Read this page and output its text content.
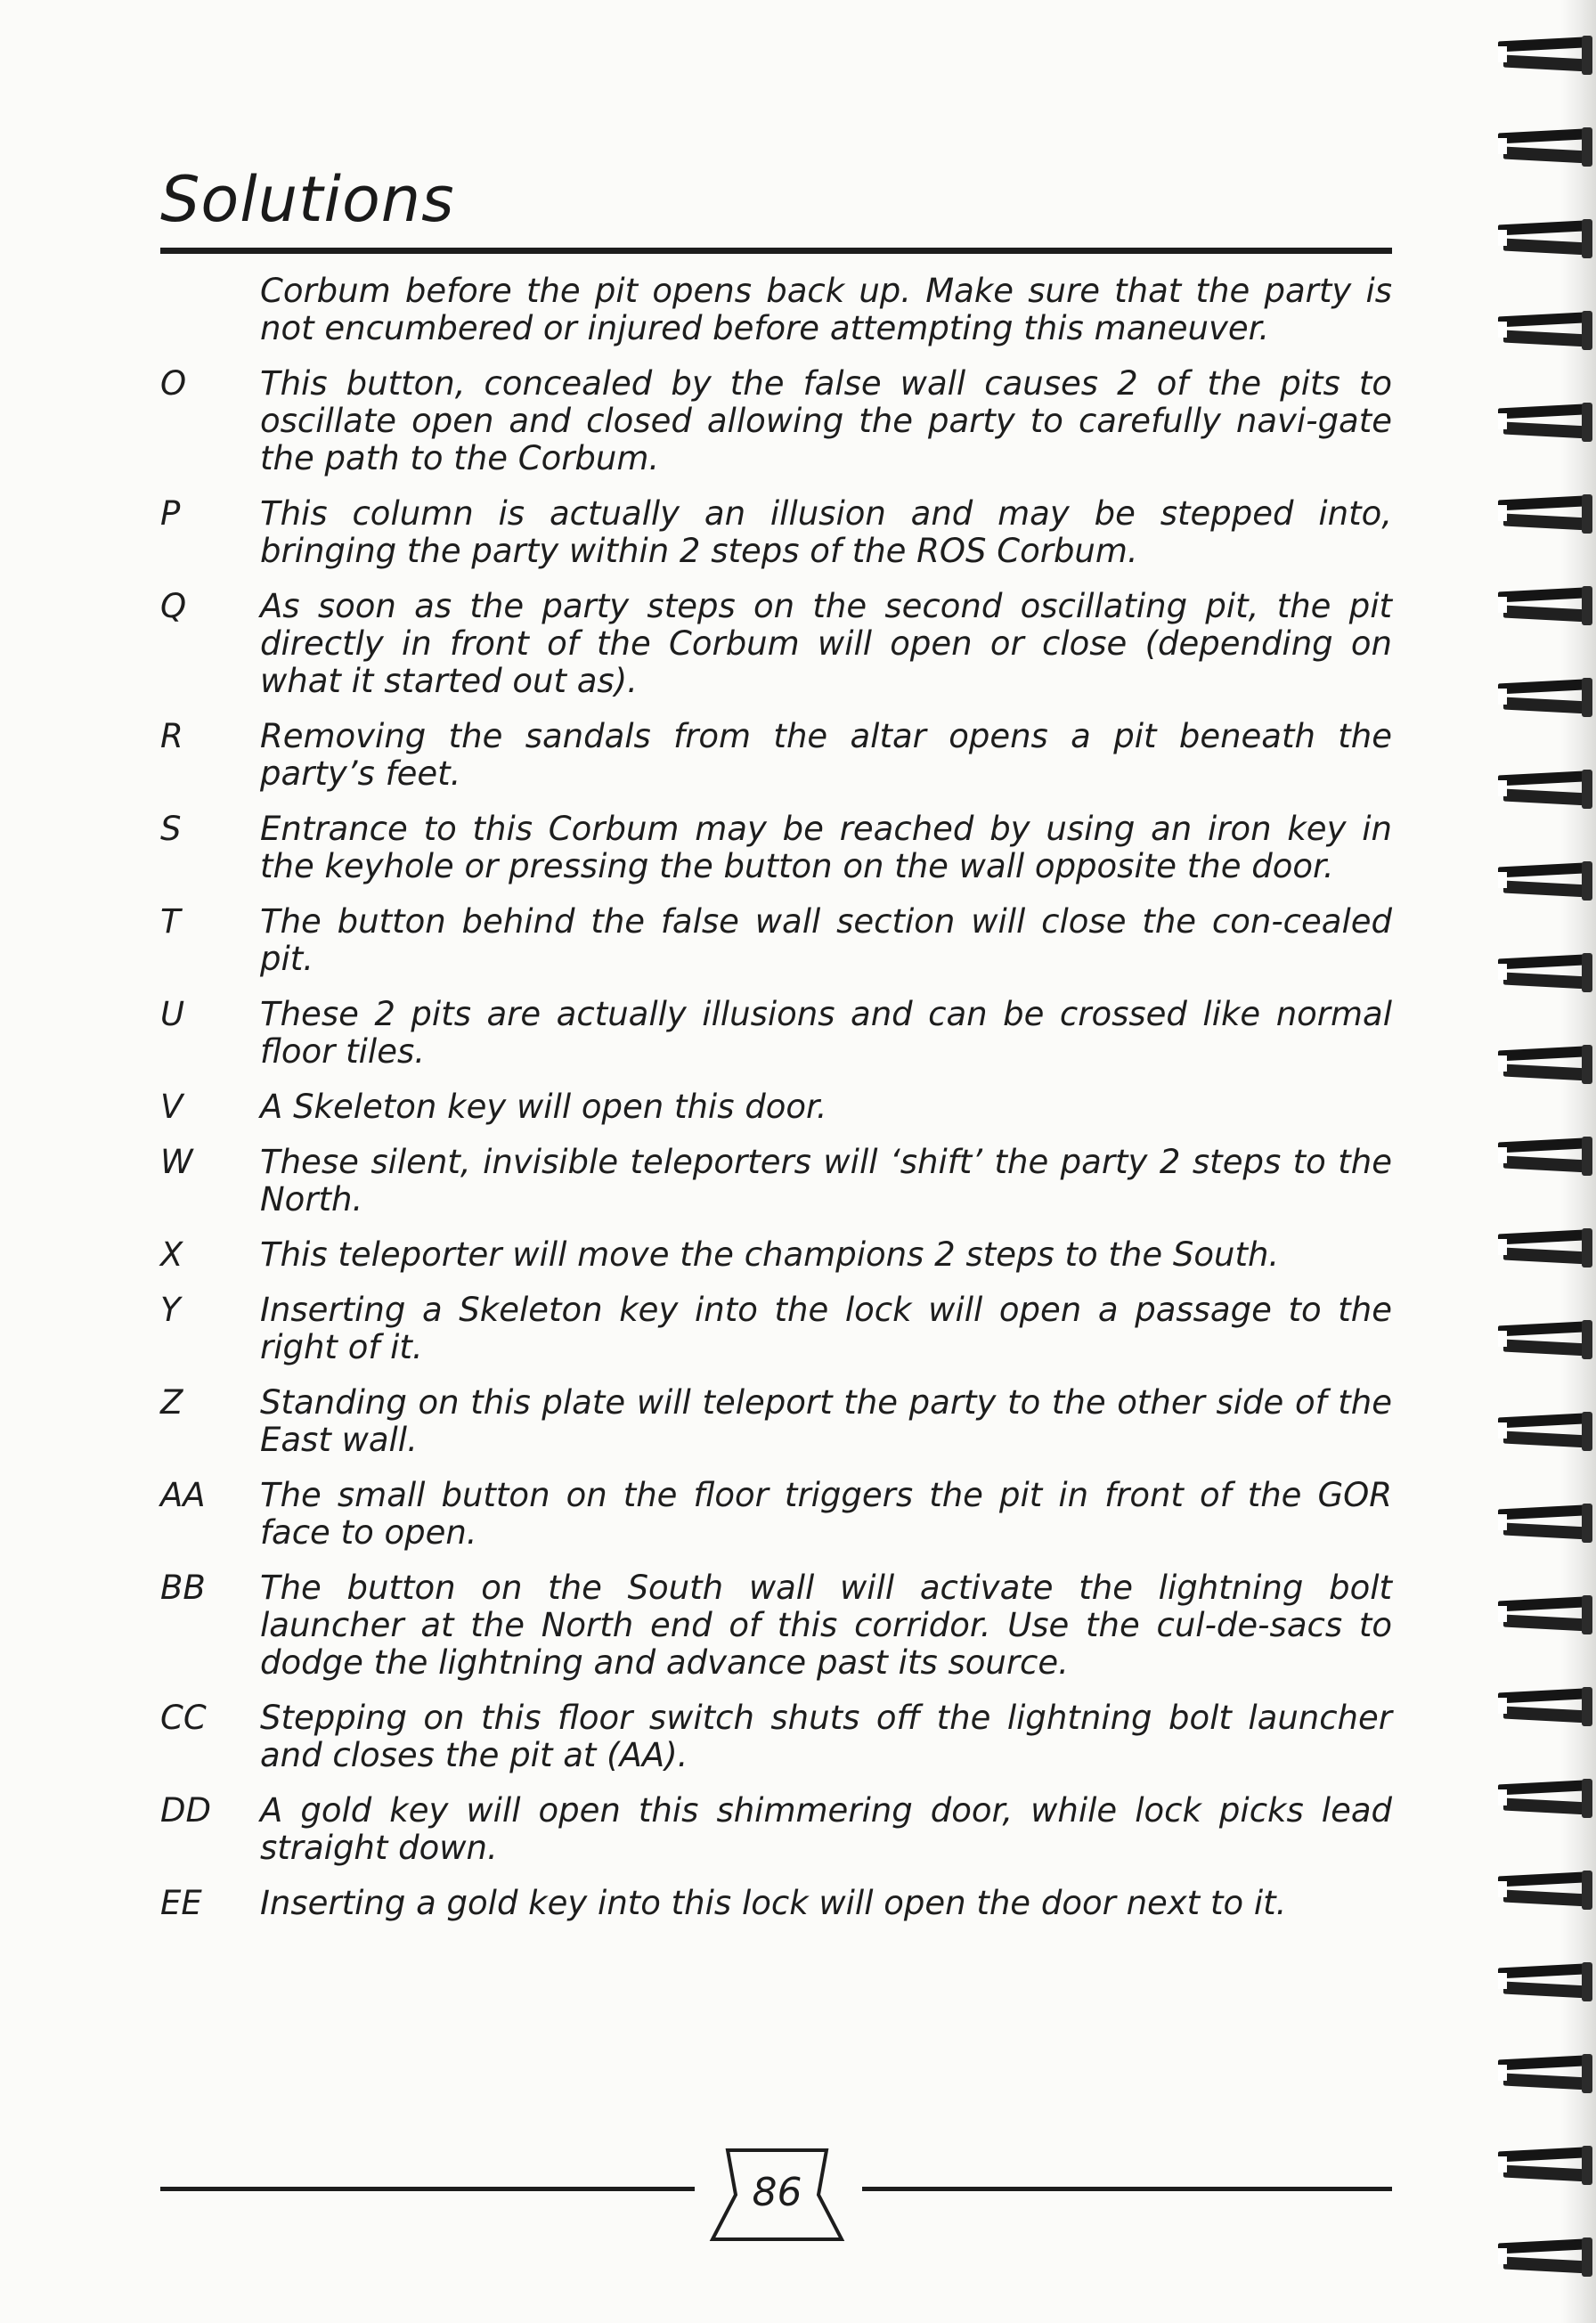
Solutions
Corbum before the pit opens back up. Make sure that the party is not encumbered or injured before attempting this maneuver.
O	This button, concealed by the false wall causes 2 of the pits to oscillate open and closed allowing the party to carefully navi-gate the path to the Corbum.
P	This column is actually an illusion and may be stepped into, bringing the party within 2 steps of the ROS Corbum.
Q	As soon as the party steps on the second oscillating pit, the pit directly in front of the Corbum will open or close (depending on what it started out as).
R	Removing the sandals from the altar opens a pit beneath the party’s feet.
S	Entrance to this Corbum may be reached by using an iron key in the keyhole or pressing the button on the wall opposite the door.
T	The button behind the false wall section will close the con-cealed pit.
U	These 2 pits are actually illusions and can be crossed like normal floor tiles.
V	A Skeleton key will open this door.
W	These silent, invisible teleporters will ‘shift’ the party 2 steps to the North.
X	This teleporter will move the champions 2 steps to the South.
Y	Inserting a Skeleton key into the lock will open a passage to the right of it.
Z	Standing on this plate will teleport the party to the other side of the East wall.
AA	The small button on the floor triggers the pit in front of the GOR face to open.
BB	The button on the South wall will activate the lightning bolt launcher at the North end of this corridor. Use the cul-de-sacs to dodge the lightning and advance past its source.
CC	Stepping on this floor switch shuts off the lightning bolt launcher and closes the pit at (AA).
DD	A gold key will open this shimmering door, while lock picks lead straight down.
EE	Inserting a gold key into this lock will open the door next to it.
86
